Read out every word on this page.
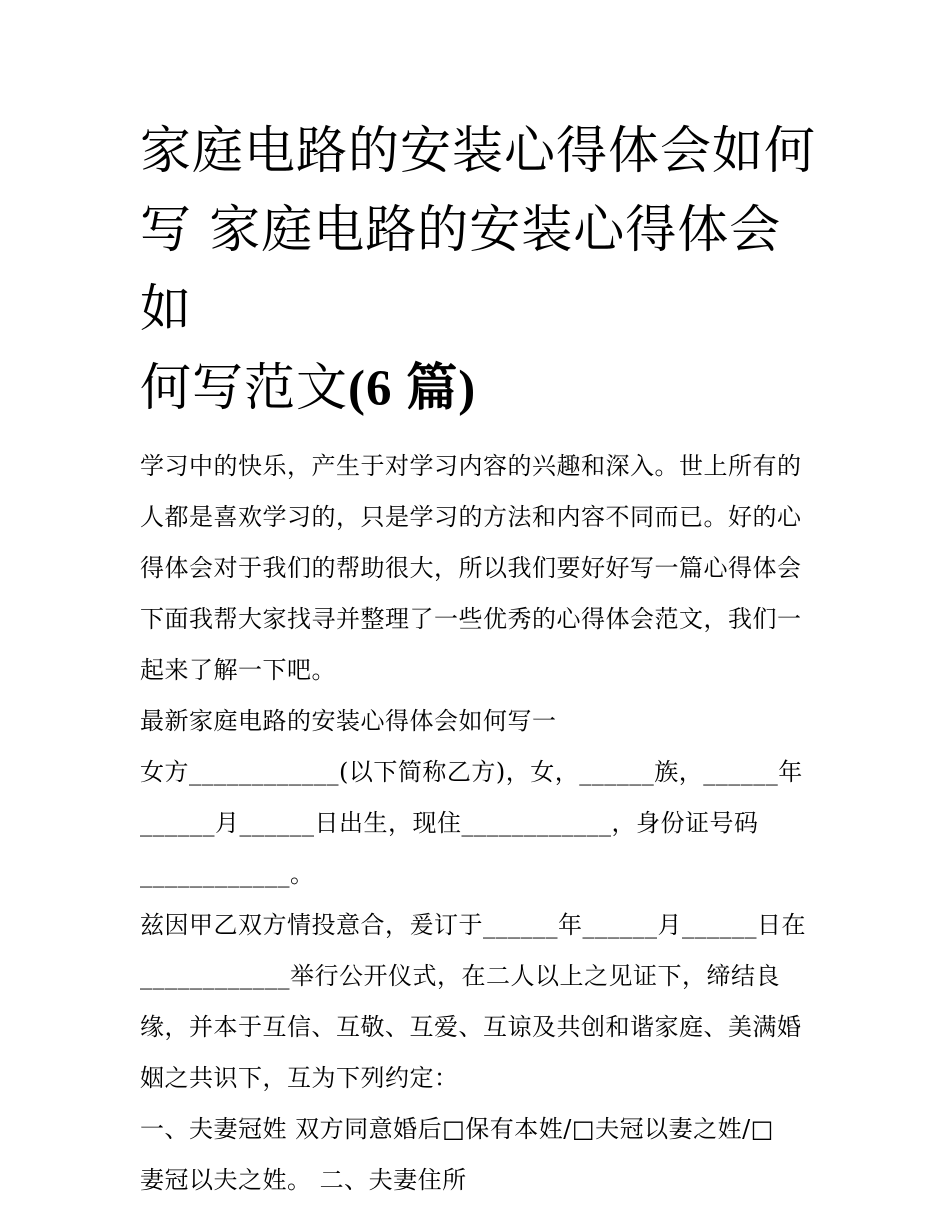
家庭电路的安装心得体会如何
写 家庭电路的安装心得体会如
何写范文(6 篇)

学习中的快乐，产生于对学习内容的兴趣和深入。世上所有的

人都是喜欢学习的，只是学习的方法和内容不同而已。好的心

得体会对于我们的帮助很大，所以我们要好好写一篇心得体会

下面我帮大家找寻并整理了一些优秀的心得体会范文，我们一

起来了解一下吧。

最新家庭电路的安装心得体会如何写一

女方____________(以下简称乙方)，女，______族，______年

______月______日出生，现住____________，身份证号码

____________。

兹因甲乙双方情投意合，爰订于______年______月______日在

____________举行公开仪式，在二人以上之见证下，缔结良

缘，并本于互信、互敬、互爱、互谅及共创和谐家庭、美满婚

姻之共识下，互为下列约定：

一、夫妻冠姓 双方同意婚后□保有本姓/□夫冠以妻之姓/□

妻冠以夫之姓。 二、夫妻住所
